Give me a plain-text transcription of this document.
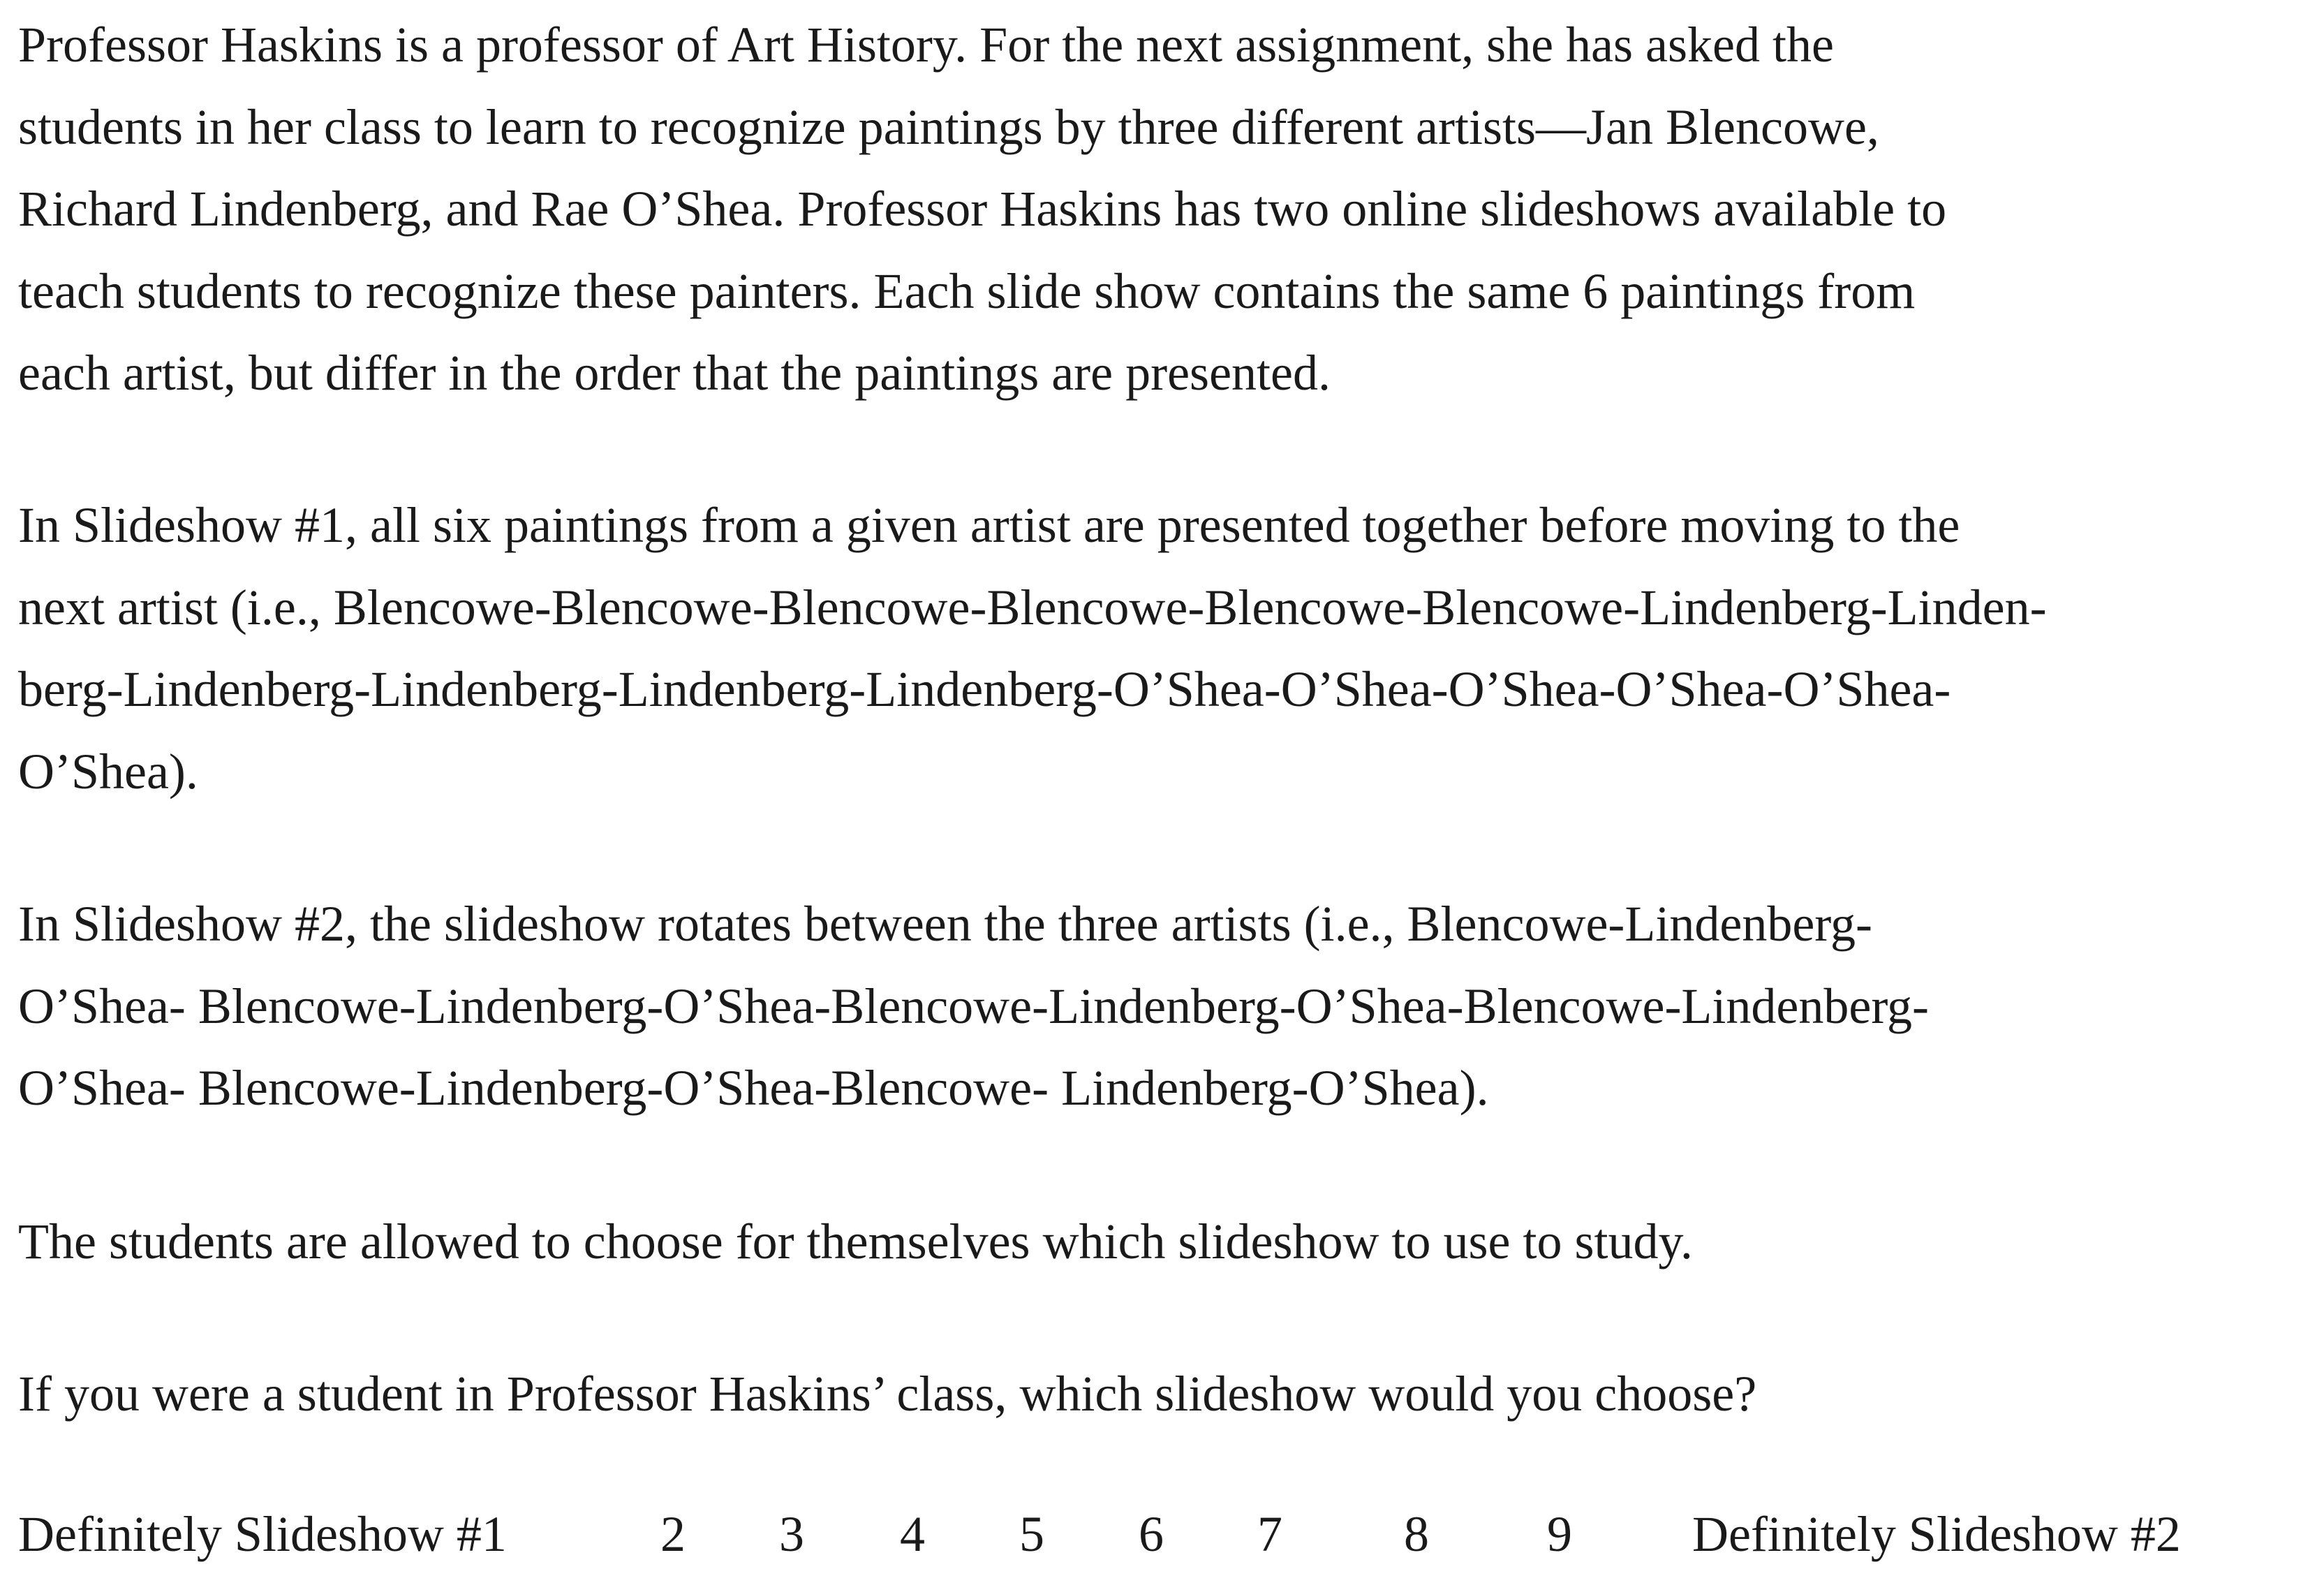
Professor Haskins is a professor of Art History. For the next assignment, she has asked the
students in her class to learn to recognize paintings by three different artists—Jan Blencowe,
Richard Lindenberg, and Rae O’Shea. Professor Haskins has two online slideshows available to
teach students to recognize these painters. Each slide show contains the same 6 paintings from
each artist, but differ in the order that the paintings are presented.

In Slideshow #1, all six paintings from a given artist are presented together before moving to the
next artist (i.e., Blencowe-Blencowe-Blencowe-Blencowe-Blencowe-Blencowe-Lindenberg-Linden-
berg-Lindenberg-Lindenberg-Lindenberg-Lindenberg-O’Shea-O’Shea-O’Shea-O’Shea-O’Shea-
O’Shea).

In Slideshow #2, the slideshow rotates between the three artists (i.e., Blencowe-Lindenberg-
O’Shea- Blencowe-Lindenberg-O’Shea-Blencowe-Lindenberg-O’Shea-Blencowe-Lindenberg-
O’Shea- Blencowe-Lindenberg-O’Shea-Blencowe- Lindenberg-O’Shea).

The students are allowed to choose for themselves which slideshow to use to study.

If you were a student in Professor Haskins’ class, which slideshow would you choose?

Definitely Slideshow #1	2 3 4 5 6 7 8 9 Definitely Slideshow #2
